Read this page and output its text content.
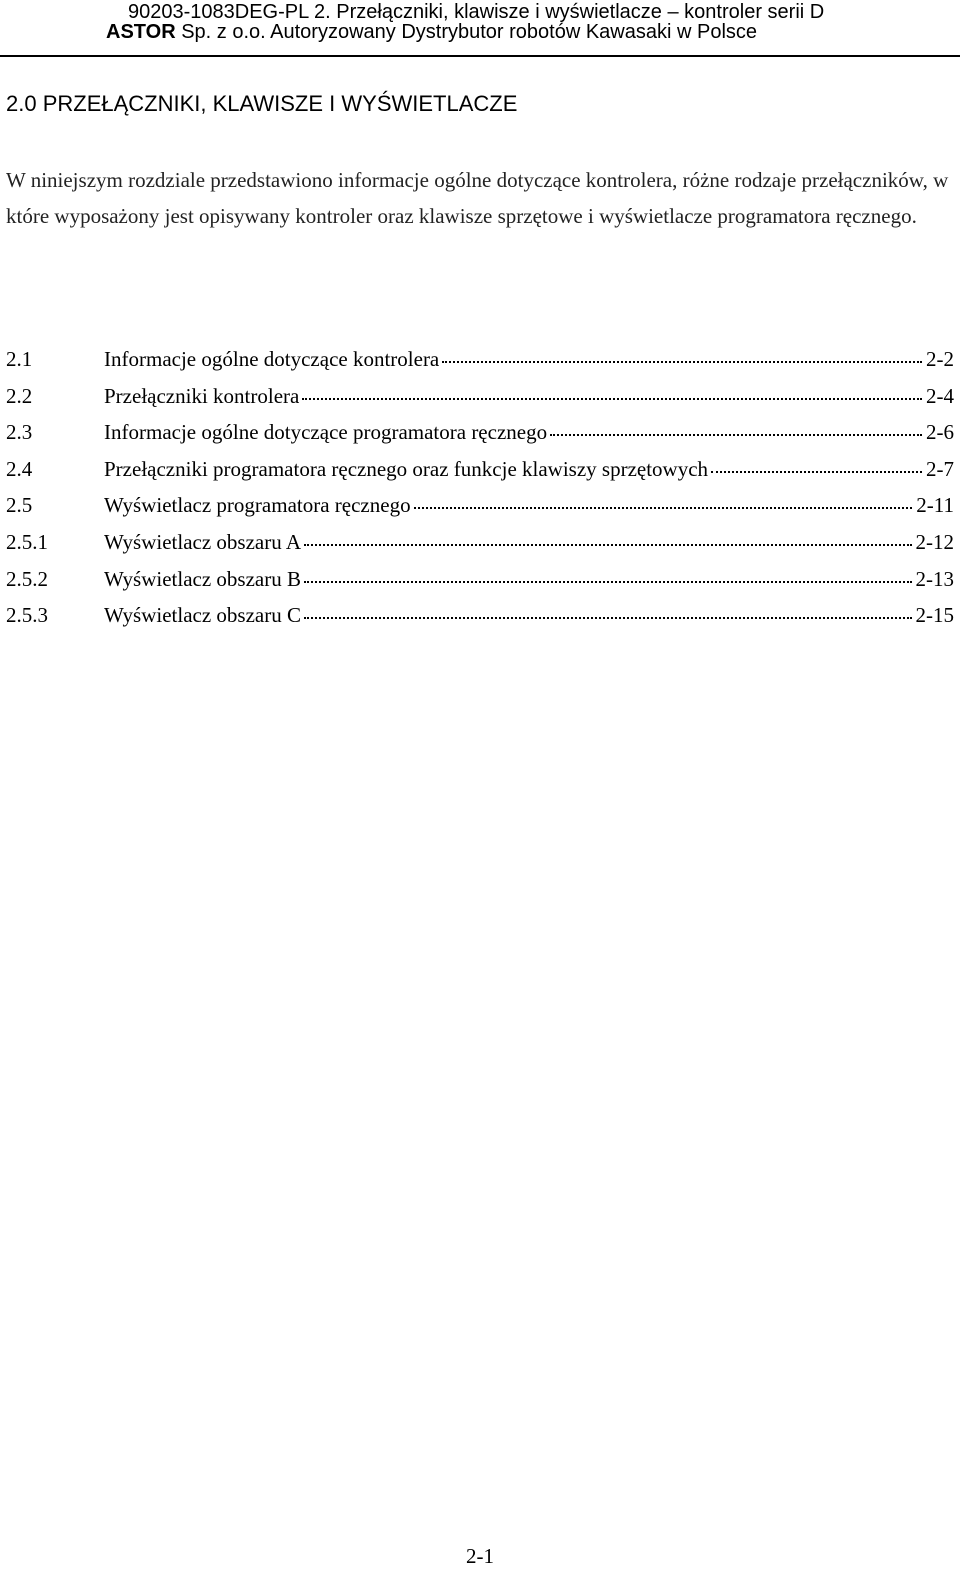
90203-1083DEG-PL 2. Przełączniki, klawisze i wyświetlacze – kontroler serii D
ASTOR Sp. z o.o. Autoryzowany Dystrybutor robotów Kawasaki w Polsce
2.0 PRZEŁĄCZNIKI, KLAWISZE I WYŚWIETLACZE

W niniejszym rozdziale przedstawiono informacje ogólne dotyczące kontrolera, różne rodzaje przełączników, w które wyposażony jest opisywany kontroler oraz klawisze sprzętowe i wyświetlacze programatora ręcznego.

2.1	Informacje ogólne dotyczące kontrolera	2-2
2.2	Przełączniki kontrolera	2-4
2.3	Informacje ogólne dotyczące programatora ręcznego	2-6
2.4	Przełączniki programatora ręcznego oraz funkcje klawiszy sprzętowych	2-7
2.5	Wyświetlacz programatora ręcznego	2-11
2.5.1	Wyświetlacz obszaru A	2-12
2.5.2	Wyświetlacz obszaru B	2-13
2.5.3	Wyświetlacz obszaru C	2-15
2-1
